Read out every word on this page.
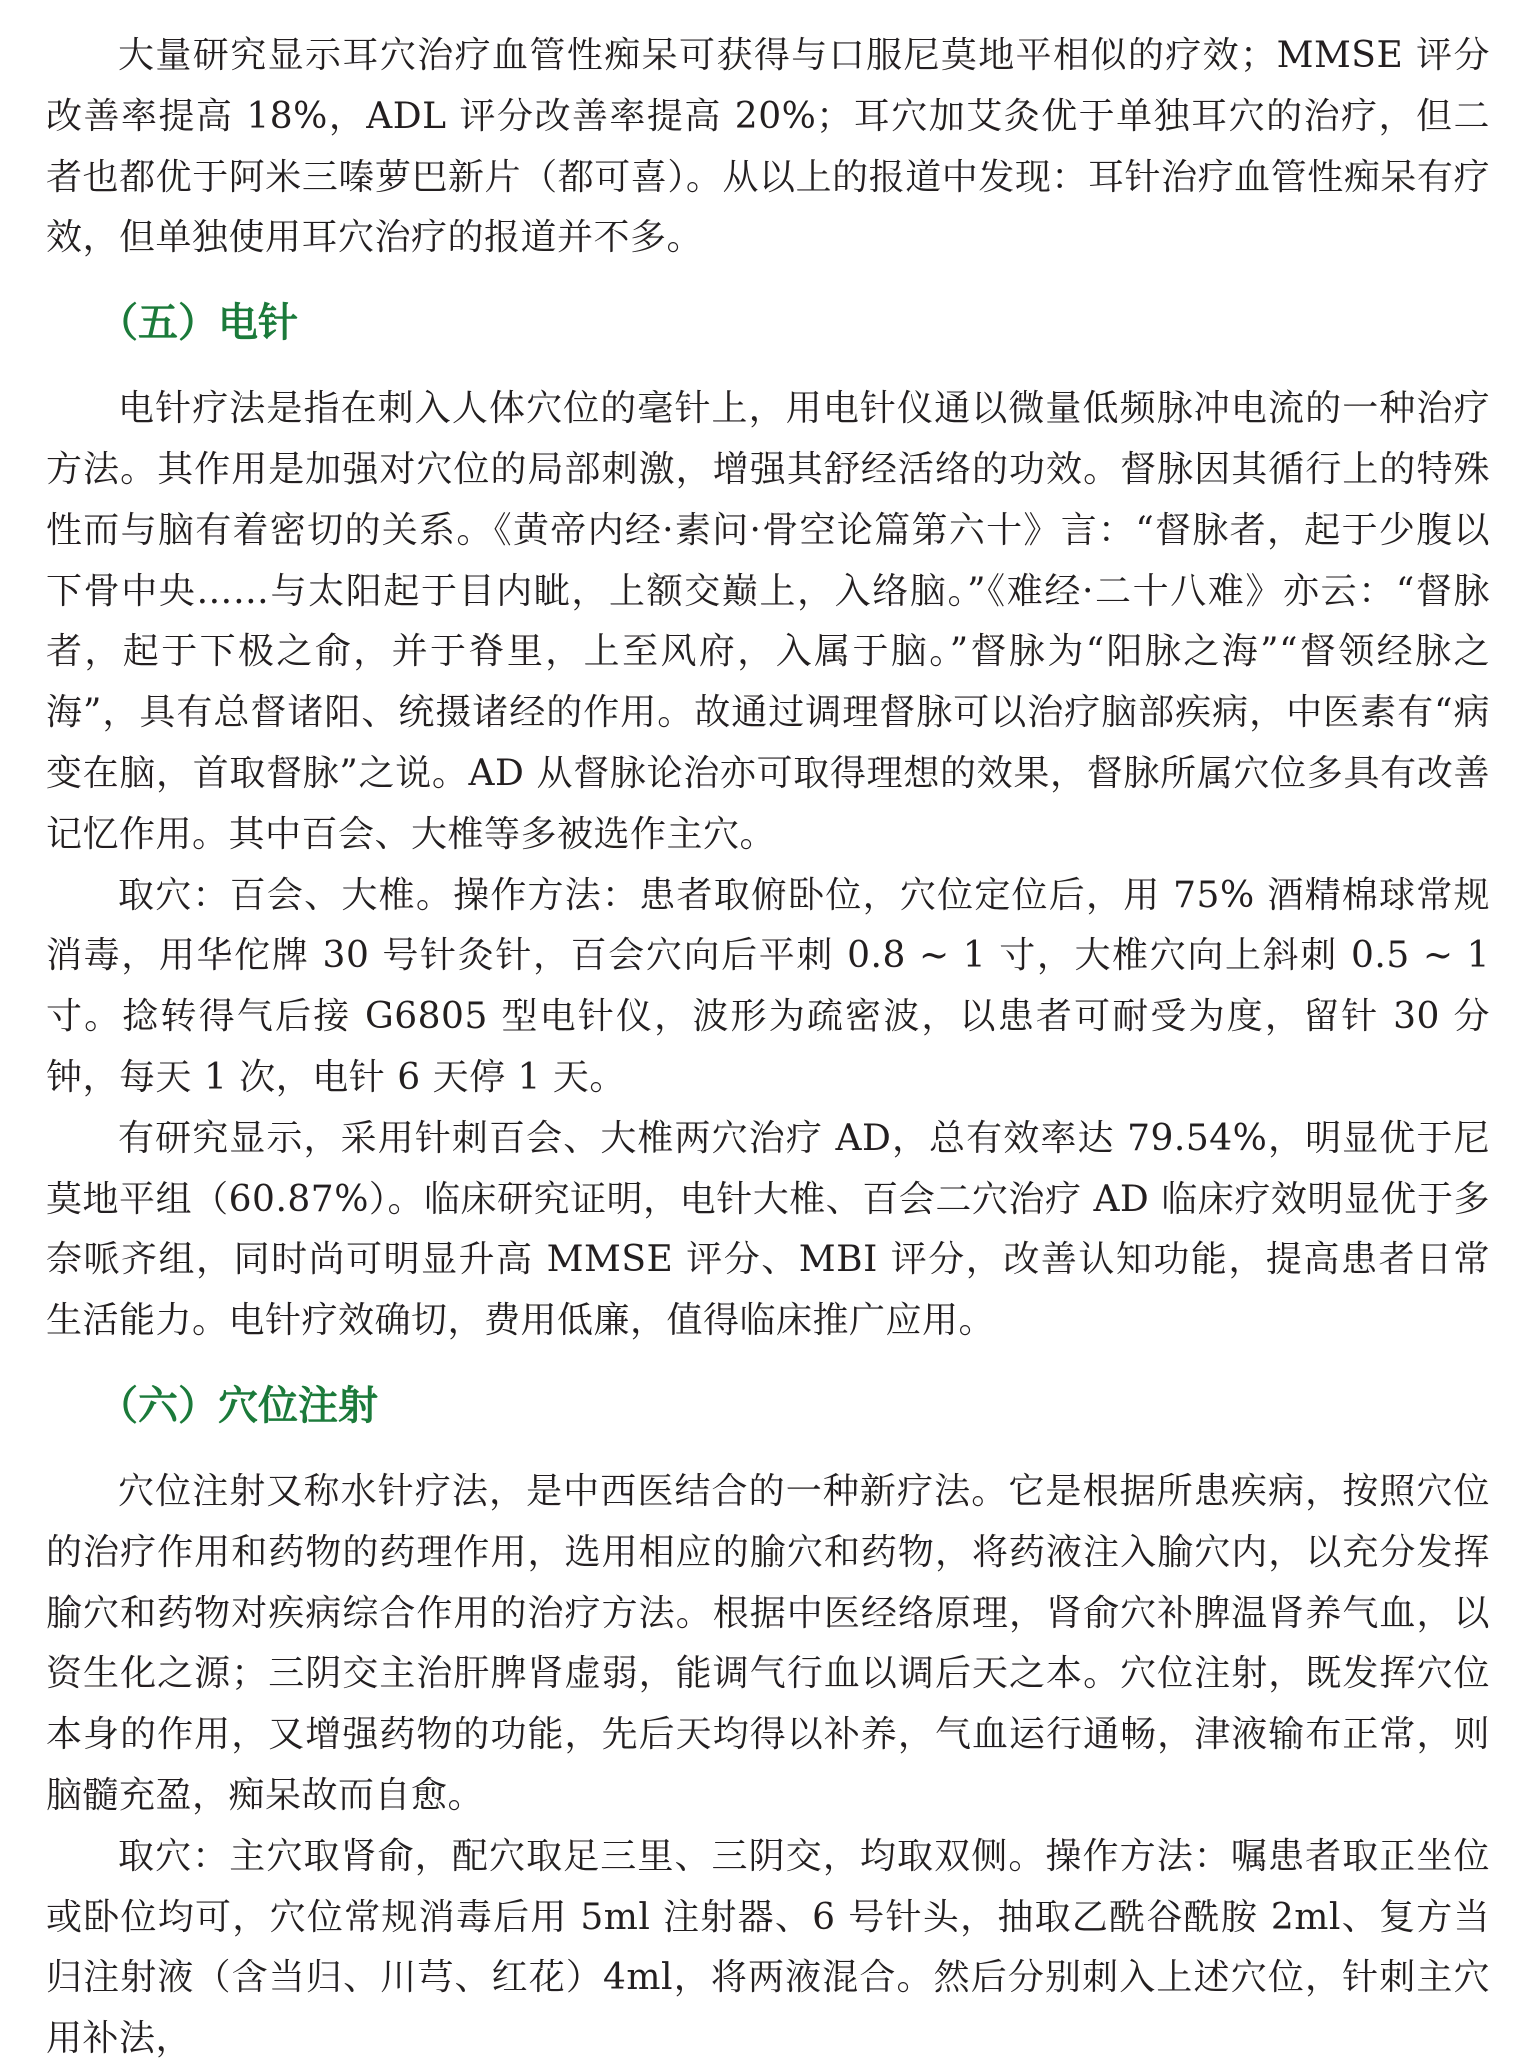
大量研究显示耳穴治疗血管性痴呆可获得与口服尼莫地平相似的疗效；MMSE 评分改善率提高 18%，ADL 评分改善率提高 20%；耳穴加艾灸优于单独耳穴的治疗，但二者也都优于阿米三嗪萝巴新片（都可喜）。从以上的报道中发现：耳针治疗血管性痴呆有疗效，但单独使用耳穴治疗的报道并不多。

（五）电针

电针疗法是指在刺入人体穴位的毫针上，用电针仪通以微量低频脉冲电流的一种治疗方法。其作用是加强对穴位的局部刺激，增强其舒经活络的功效。督脉因其循行上的特殊性而与脑有着密切的关系。《黄帝内经·素问·骨空论篇第六十》言：“督脉者，起于少腹以下骨中央……与太阳起于目内眦，上额交巅上，入络脑。”《难经·二十八难》亦云：“督脉者，起于下极之俞，并于脊里，上至风府，入属于脑。”督脉为“阳脉之海”“督领经脉之海”，具有总督诸阳、统摄诸经的作用。故通过调理督脉可以治疗脑部疾病，中医素有“病变在脑，首取督脉”之说。AD 从督脉论治亦可取得理想的效果，督脉所属穴位多具有改善记忆作用。其中百会、大椎等多被选作主穴。

取穴：百会、大椎。操作方法：患者取俯卧位，穴位定位后，用 75% 酒精棉球常规消毒，用华佗牌 30 号针灸针，百会穴向后平刺 0.8 ~ 1 寸，大椎穴向上斜刺 0.5 ~ 1 寸。捻转得气后接 G6805 型电针仪，波形为疏密波，以患者可耐受为度，留针 30 分钟，每天 1 次，电针 6 天停 1 天。

有研究显示，采用针刺百会、大椎两穴治疗 AD，总有效率达 79.54%，明显优于尼莫地平组（60.87%）。临床研究证明，电针大椎、百会二穴治疗 AD 临床疗效明显优于多奈哌齐组，同时尚可明显升高 MMSE 评分、MBI 评分，改善认知功能，提高患者日常生活能力。电针疗效确切，费用低廉，值得临床推广应用。

（六）穴位注射

穴位注射又称水针疗法，是中西医结合的一种新疗法。它是根据所患疾病，按照穴位的治疗作用和药物的药理作用，选用相应的腧穴和药物，将药液注入腧穴内，以充分发挥腧穴和药物对疾病综合作用的治疗方法。根据中医经络原理，肾俞穴补脾温肾养气血，以资生化之源；三阴交主治肝脾肾虚弱，能调气行血以调后天之本。穴位注射，既发挥穴位本身的作用，又增强药物的功能，先后天均得以补养，气血运行通畅，津液输布正常，则脑髓充盈，痴呆故而自愈。

取穴：主穴取肾俞，配穴取足三里、三阴交，均取双侧。操作方法：嘱患者取正坐位或卧位均可，穴位常规消毒后用 5ml 注射器、6 号针头，抽取乙酰谷酰胺 2ml、复方当归注射液（含当归、川芎、红花）4ml，将两液混合。然后分别刺入上述穴位，针刺主穴用补法，
